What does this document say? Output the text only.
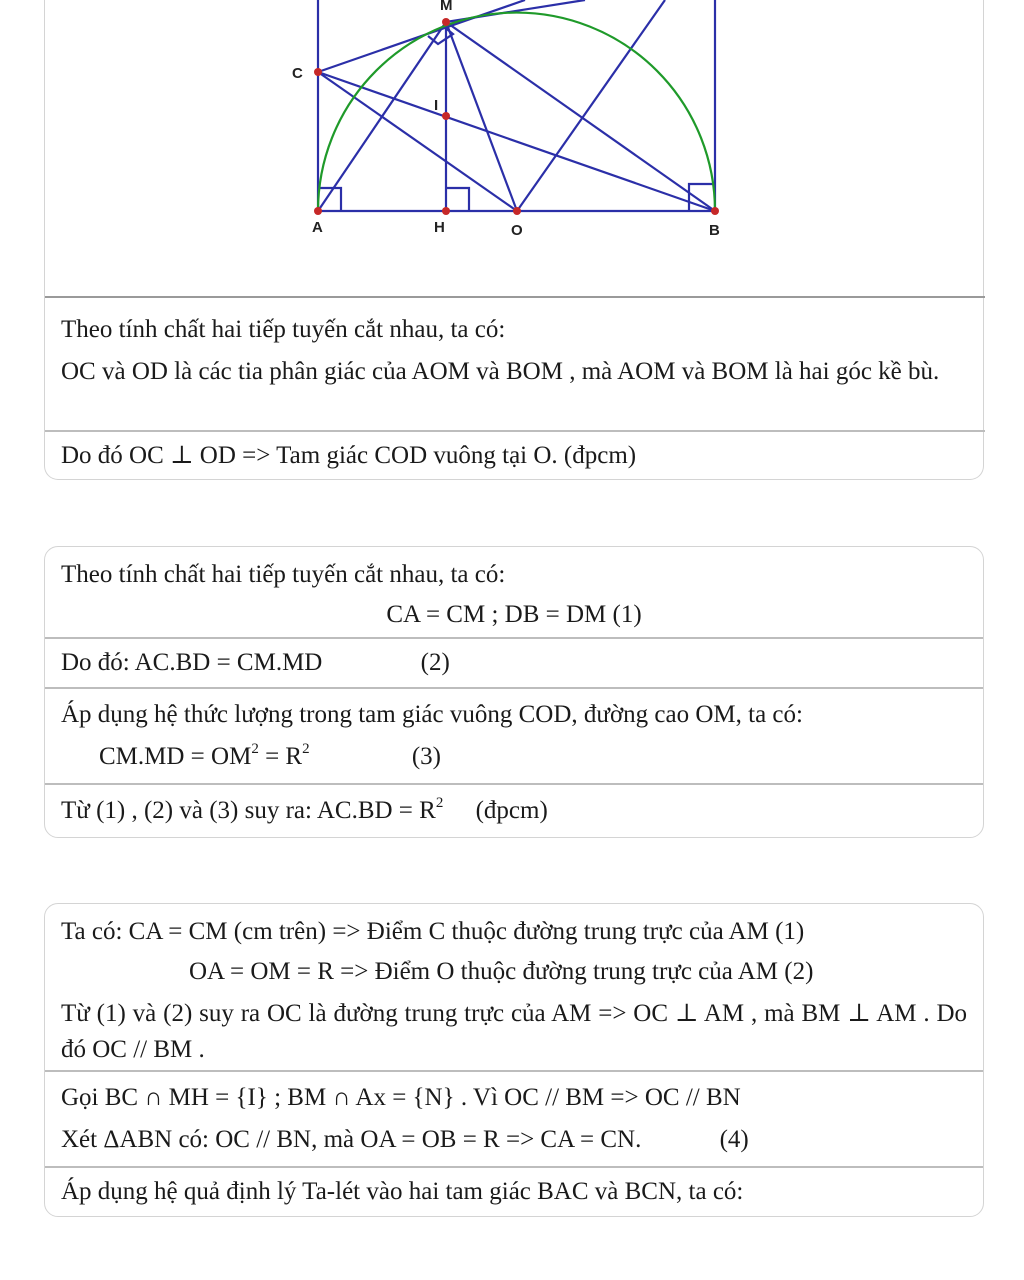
M
C
I
A	H	O	B
Theo tính chất hai tiếp tuyến cắt nhau, ta có:
OC và OD là các tia phân giác của AOM và BOM , mà AOM và BOM là hai góc kề bù.
Do đó OC ⊥ OD => Tam giác COD vuông tại O. (đpcm)
Theo tính chất hai tiếp tuyến cắt nhau, ta có:
CA = CM ; DB = DM (1)
Do đó: AC.BD = CM.MD	(2)
Áp dụng hệ thức lượng trong tam giác vuông COD, đường cao OM, ta có:
$CM.MD = OM^2 = R^2$	(3)
Từ (1) , (2) và (3) suy ra: $AC.BD = R^2$ (đpcm)
Ta có: CA = CM (cm trên) => Điểm C thuộc đường trung trực của AM (1)
OA = OM = R => Điểm O thuộc đường trung trực của AM (2)
Từ (1) và (2) suy ra OC là đường trung trực của AM => OC ⊥ AM , mà BM ⊥ AM . Do đó OC // BM .
Gọi BC ∩ MH = {I} ; BM ∩ Ax = {N} . Vì OC // BM => OC // BN
Xét ΔABN có: OC // BN, mà OA = OB = R => CA = CN.	(4)
Áp dụng hệ quả định lý Ta-lét vào hai tam giác BAC và BCN, ta có:
